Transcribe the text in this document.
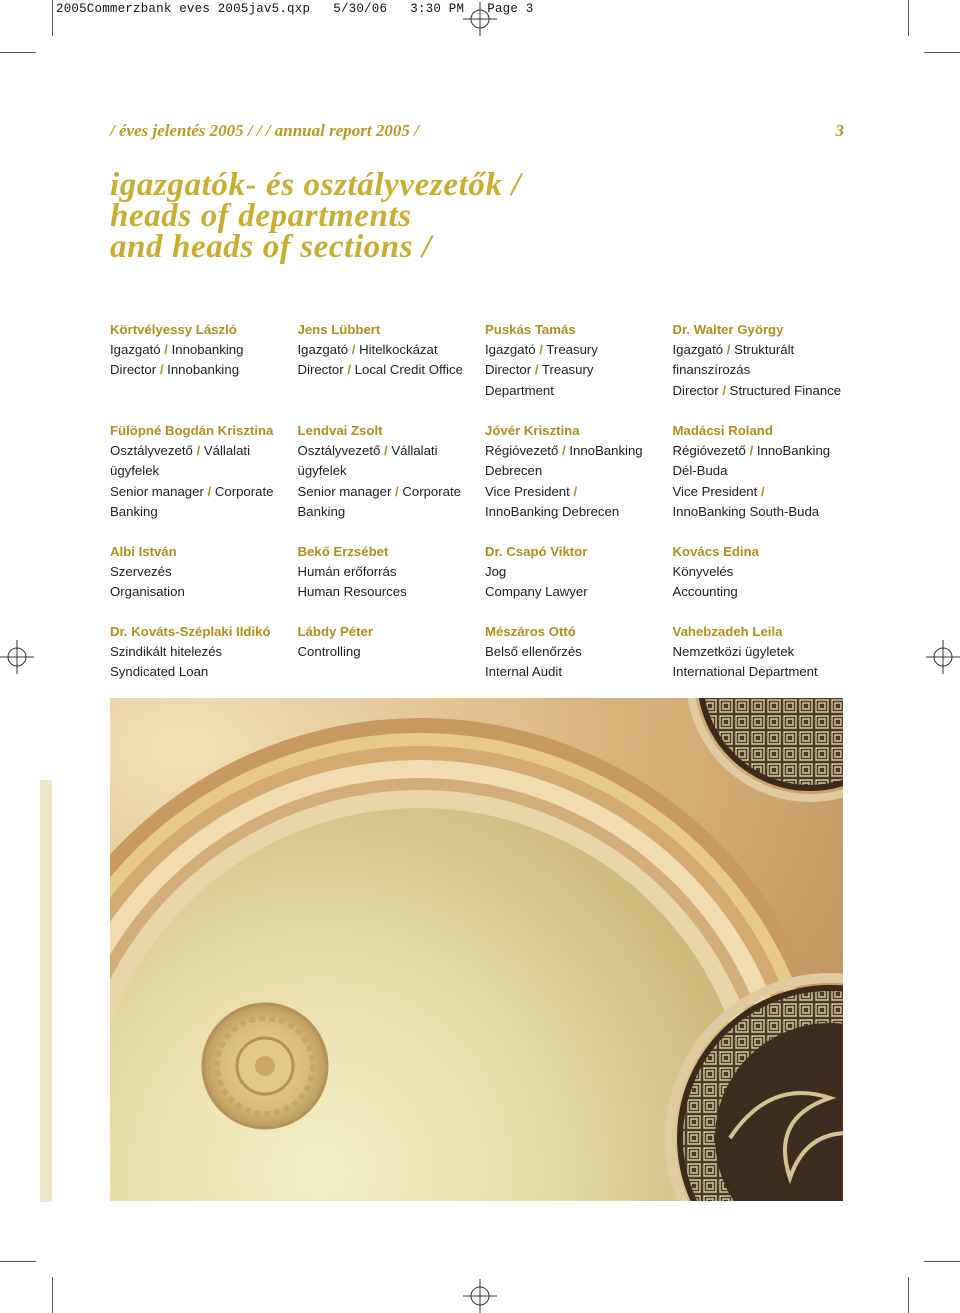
2005Commerzbank eves 2005jav5.qxp   5/30/06   3:30 PM   Page 3
/ éves jelentés 2005 / / / annual report 2005 /	3
igazgatók- és osztályvezetők /
heads of departments
and heads of sections /
Körtvélyessy László
Igazgató / Innobanking
Director / Innobanking
Jens Lübbert
Igazgató / Hitelkockázat
Director / Local Credit Office
Puskás Tamás
Igazgató / Treasury
Director / Treasury
Department
Dr. Walter György
Igazgató / Strukturált
finanszírozás
Director / Structured Finance
Fülöpné Bogdán Krisztina
Osztályvezető / Vállalati
ügyfelek
Senior manager / Corporate
Banking
Lendvai Zsolt
Osztályvezető / Vállalati
ügyfelek
Senior manager / Corporate
Banking
Jóvér Krisztina
Régióvezető / InnoBanking
Debrecen
Vice President /
InnoBanking Debrecen
Madácsi Roland
Régióvezető / InnoBanking
Dél-Buda
Vice President /
InnoBanking South-Buda
Albi István
Szervezés
Organisation
Bekő Erzsébet
Humán erőforrás
Human Resources
Dr. Csapó Viktor
Jog
Company Lawyer
Kovács Edina
Könyvelés
Accounting
Dr. Kováts-Széplaki Ildikó
Szindikált hitelezés
Syndicated Loan
Lábdy Péter
Controlling
Mészáros Ottó
Belső ellenőrzés
Internal Audit
Vahebzadeh Leila
Nemzetközi ügyletek
International Department
